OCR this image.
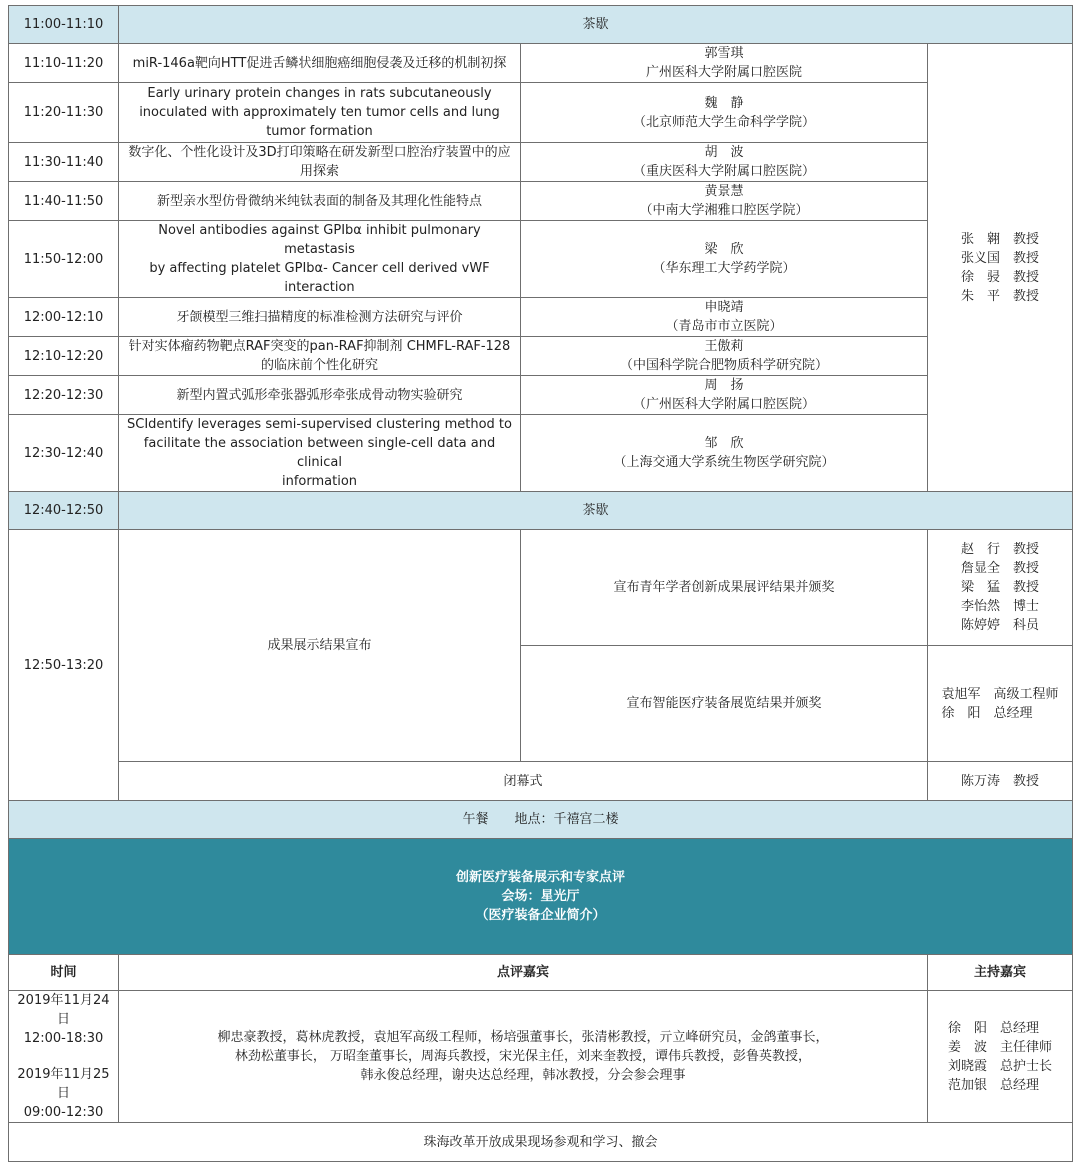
11:00-11:10	茶歇		
11:10-11:20	miR-146a靶向HTT促进舌鳞状细胞癌细胞侵袭及迁移的机制初探	郭雪琪
广州医科大学附属口腔医院	张　翱　教授
张义国　教授
徐　骎　教授
朱　平　教授

11:20-11:30	Early urinary protein changes in rats subcutaneously
inoculated with approximately ten tumor cells and lung
tumor formation	魏　静
（北京师范大学生命科学学院）	

11:30-11:40	数字化、个性化设计及3D打印策略在研发新型口腔治疗装置中的应
用探索	胡　波
（重庆医科大学附属口腔医院）	

11:40-11:50	新型亲水型仿骨微纳米纯钛表面的制备及其理化性能特点	黄景慧
（中南大学湘雅口腔医学院）	

11:50-12:00	Novel antibodies against GPIbα inhibit pulmonary metastasis
by affecting platelet GPIbα- Cancer cell derived vWF
interaction	梁　欣
（华东理工大学药学院）	

12:00-12:10	牙颌模型三维扫描精度的标准检测方法研究与评价	申晓靖
（青岛市市立医院）	

12:10-12:20	针对实体瘤药物靶点RAF突变的pan-RAF抑制剂 CHMFL-RAF-128
的临床前个性化研究	王傲莉
（中国科学院合肥物质科学研究院）	

12:20-12:30	新型内置式弧形牵张器弧形牵张成骨动物实验研究	周　扬
（广州医科大学附属口腔医院）	

12:30-12:40	SCIdentify leverages semi-supervised clustering method to
facilitate the association between single-cell data and clinical
information	邹　欣
（上海交通大学系统生物医学研究院）	

12:40-12:50	茶歇		
12:50-13:20	成果展示结果宣布	宣布青年学者创新成果展评结果并颁奖	赵　行　教授
詹显全　教授
梁　猛　教授
李怡然　博士
陈婷婷　科员

		宣布智能医疗装备展览结果并颁奖	袁旭军　高级工程师
徐　阳　总经理

	闭幕式		陈万涛　教授
午餐　　地点：千禧宫二楼			

创新医疗装备展示和专家点评
会场：星光厅
（医疗装备企业简介）			

时间	点评嘉宾		主持嘉宾

2019年11月24日
12:00-18:30
2019年11月25日
09:00-12:30	柳忠豪教授，葛林虎教授，袁旭军高级工程师，杨培强董事长，张清彬教授，亓立峰研究员，金鸽董事长，
林劲松董事长， 万昭奎董事长，周海兵教授，宋光保主任，刘来奎教授，谭伟兵教授，彭鲁英教授，
韩永俊总经理，谢央达总经理，韩冰教授，分会参会理事		徐　阳　总经理
姜　波　主任律师
刘晓霞　总护士长
范加银　总经理

珠海改革开放成果现场参观和学习、撤会			
